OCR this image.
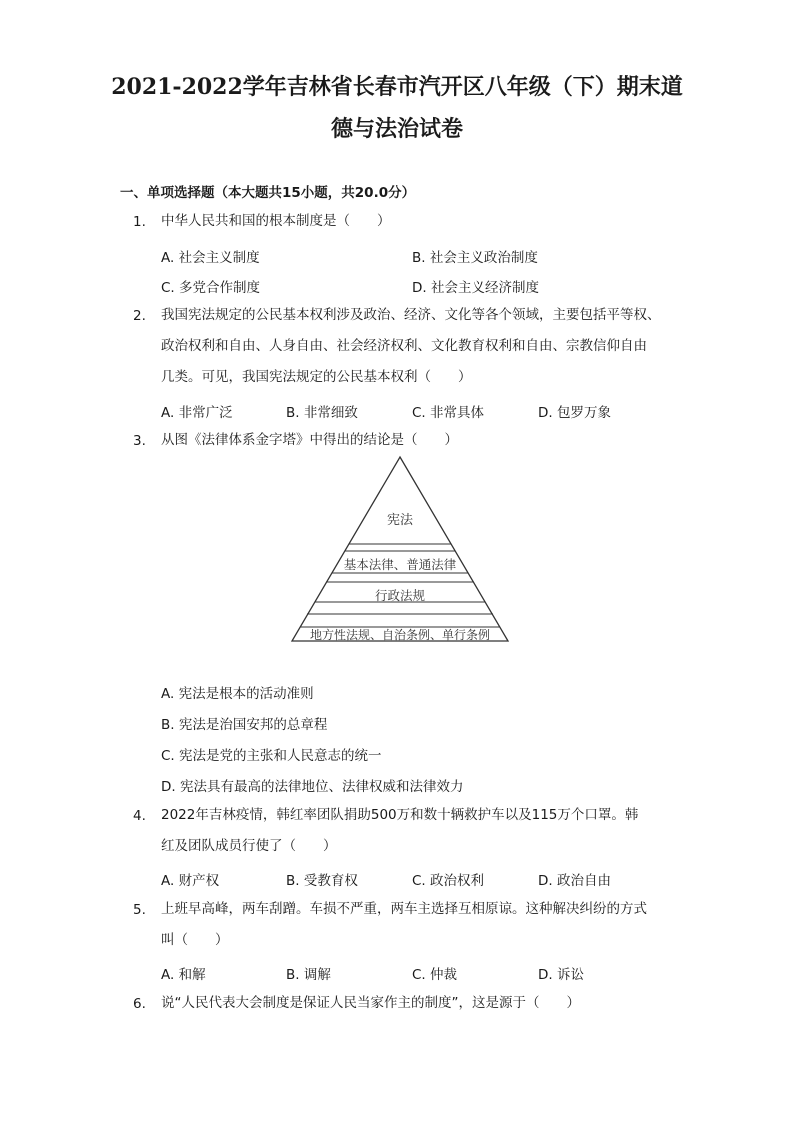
2021-2022学年吉林省长春市汽开区八年级（下）期末道
德与法治试卷
一、单项选择题（本大题共15小题，共20.0分）
1. 中华人民共和国的根本制度是（　　）
A. 社会主义制度	B. 社会主义政治制度
C. 多党合作制度	D. 社会主义经济制度
2. 我国宪法规定的公民基本权利涉及政治、经济、文化等各个领域，主要包括平等权、
政治权利和自由、人身自由、社会经济权利、文化教育权利和自由、宗教信仰自由
几类。可见，我国宪法规定的公民基本权利（　　）
A. 非常广泛	B. 非常细致	C. 非常具体	D. 包罗万象
3. 从图《法律体系金字塔》中得出的结论是（　　）
宪法
基本法律、普通法律
行政法规
地方性法规、自治条例、单行条例
A. 宪法是根本的活动准则
B. 宪法是治国安邦的总章程
C. 宪法是党的主张和人民意志的统一
D. 宪法具有最高的法律地位、法律权威和法律效力
4. 2022年吉林疫情，韩红率团队捐助500万和数十辆救护车以及115万个口罩。韩
红及团队成员行使了（　　）
A. 财产权	B. 受教育权	C. 政治权利	D. 政治自由
5. 上班早高峰，两车刮蹭。车损不严重，两车主选择互相原谅。这种解决纠纷的方式
叫（　　）
A. 和解	B. 调解	C. 仲裁	D. 诉讼
6. 说“人民代表大会制度是保证人民当家作主的制度”，这是源于（　　）
